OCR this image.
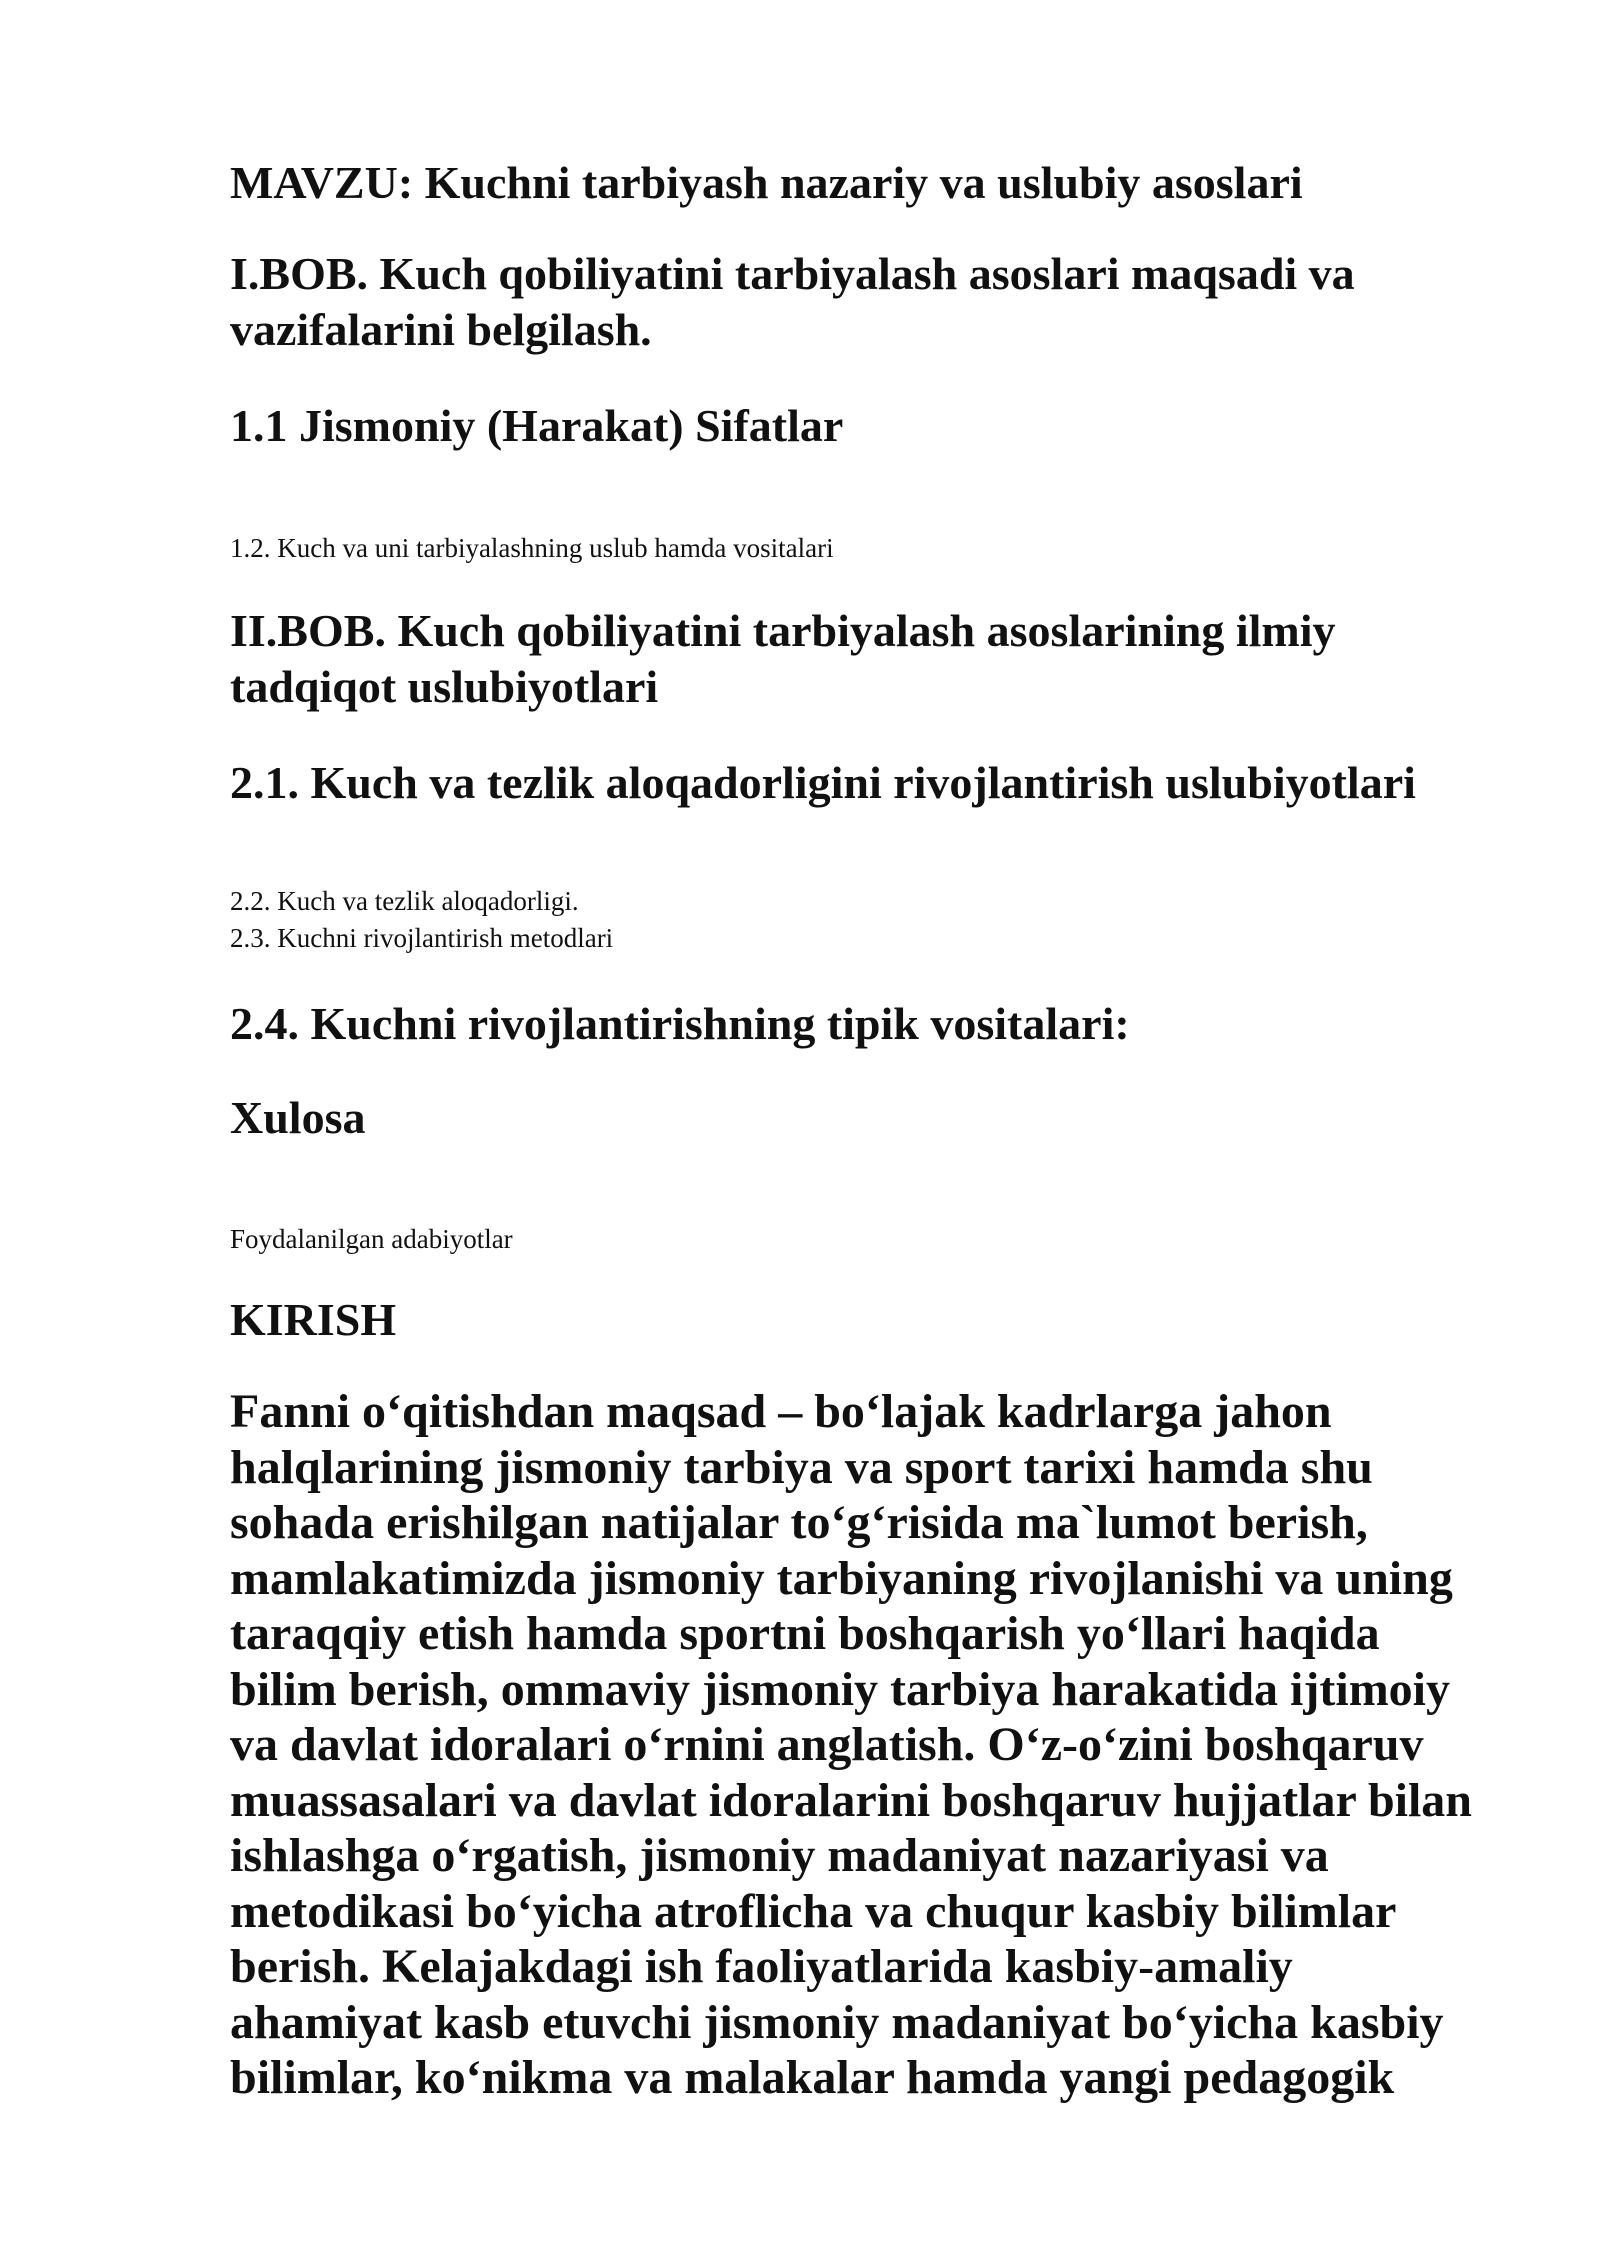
MAVZU: Kuchni tarbiyash nazariy va uslubiy asoslari
I.BOB. Kuch qobiliyatini tarbiyalash asoslari maqsadi va
vazifalarini belgilash.
1.1 Jismoniy (Harakat) Sifatlar

1.2. Kuch va uni tarbiyalashning uslub hamda vositalari

II.BOB. Kuch qobiliyatini tarbiyalash asoslarining ilmiy
tadqiqot uslubiyotlari
2.1. Kuch va tezlik aloqadorligini rivojlantirish uslubiyotlari

2.2. Kuch va tezlik aloqadorligi.

2.3. Kuchni rivojlantirish metodlari

2.4. Kuchni rivojlantirishning tipik vositalari:
Xulosa

Foydalanilgan adabiyotlar

KIRISH
Fanni o‘qitishdan maqsad – bo‘lajak kadrlarga jahon
halqlarining jismoniy tarbiya va sport tarixi hamda shu
sohada erishilgan natijalar to‘g‘risida ma`lumot berish,
mamlakatimizda jismoniy tarbiyaning rivojlanishi va uning
taraqqiy etish hamda sportni boshqarish yo‘llari haqida
bilim berish, ommaviy jismoniy tarbiya harakatida ijtimoiy
va davlat idoralari o‘rnini anglatish. O‘z-o‘zini boshqaruv
muassasalari va davlat idoralarini boshqaruv hujjatlar bilan
ishlashga o‘rgatish, jismoniy madaniyat nazariyasi va
metodikasi bo‘yicha atroflicha va chuqur kasbiy bilimlar
berish. Kelajakdagi ish faoliyatlarida kasbiy-amaliy
ahamiyat kasb etuvchi jismoniy madaniyat bo‘yicha kasbiy
bilimlar, ko‘nikma va malakalar hamda yangi pedagogik
